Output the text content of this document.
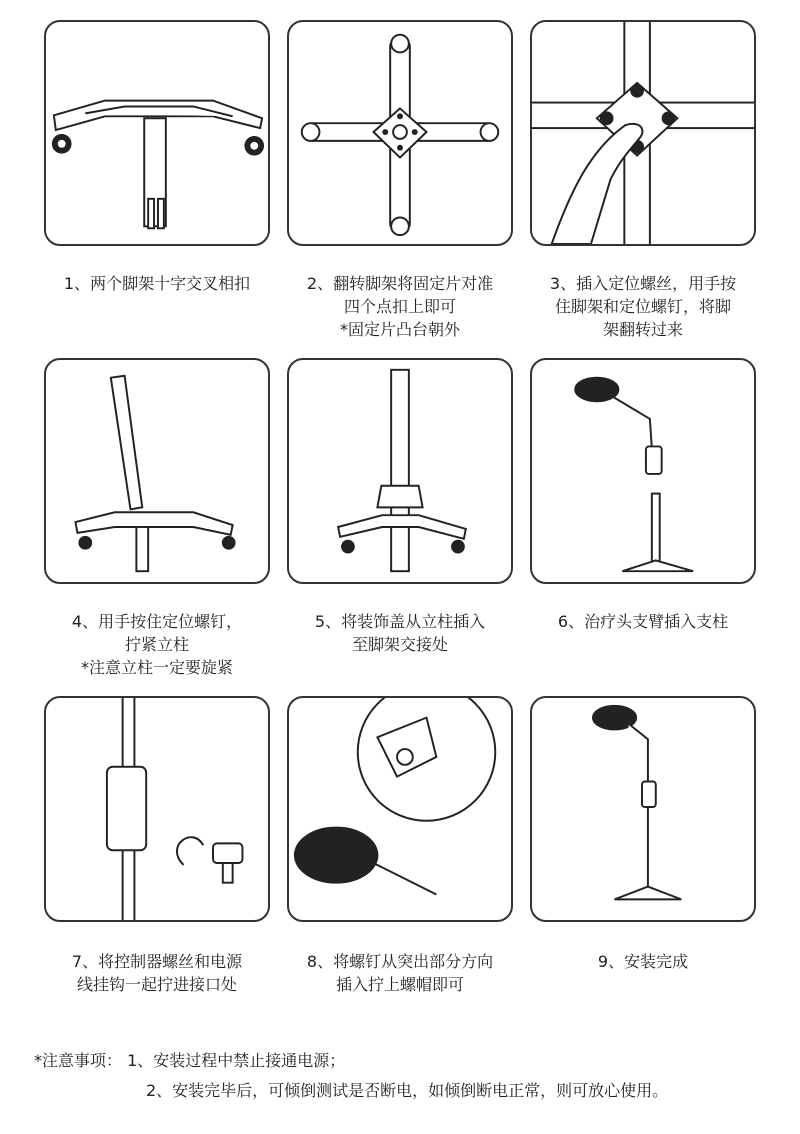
1、两个脚架十字交叉相扣	2、翻转脚架将固定片对准
四个点扣上即可
*固定片凸台朝外
3、插入定位螺丝，用手按
住脚架和定位螺钉，将脚
架翻转过来
4、用手按住定位螺钉，
拧紧立柱
*注意立柱一定要旋紧
5、将装饰盖从立柱插入
至脚架交接处
6、治疗头支臂插入支柱
7、将控制器螺丝和电源
线挂钩一起拧进接口处
8、将螺钉从突出部分方向
插入拧上螺帽即可
9、安装完成
*注意事项： 1、安装过程中禁止接通电源；
2、安装完毕后，可倾倒测试是否断电，如倾倒断电正常，则可放心使用。
